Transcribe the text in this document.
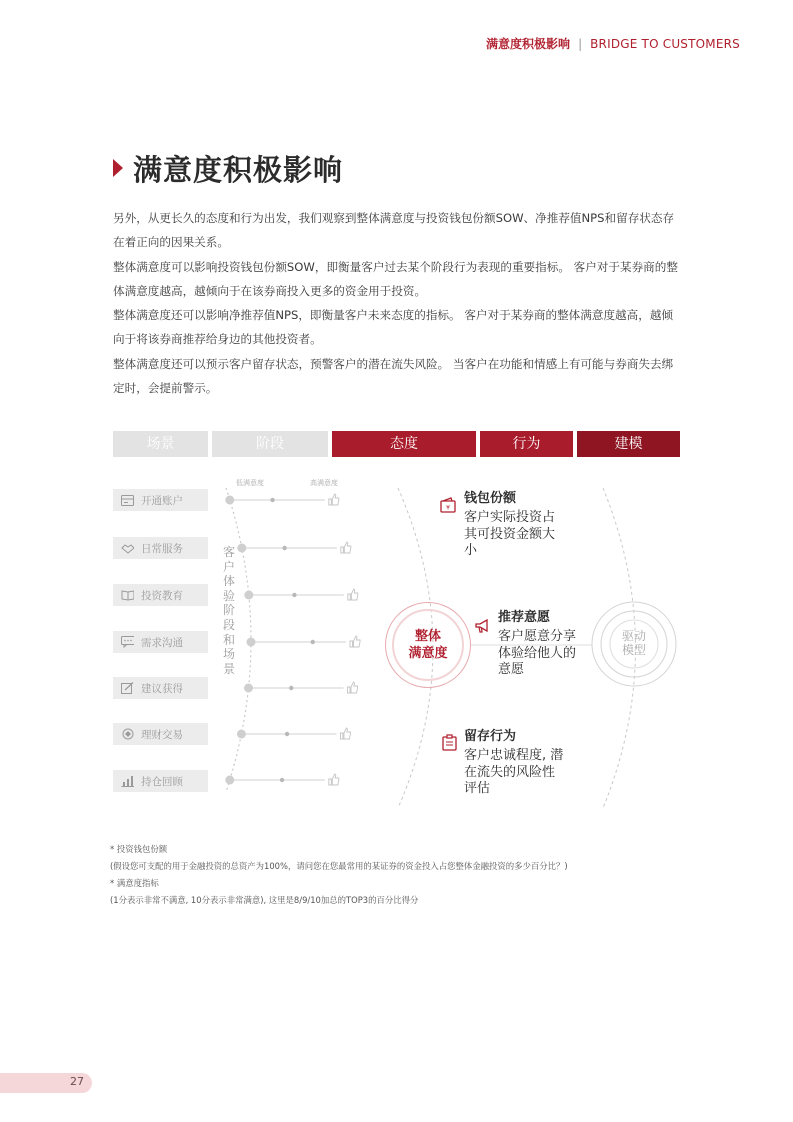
满意度积极影响 | BRIDGE TO CUSTOMERS
满意度积极影响

另外，从更长久的态度和行为出发，我们观察到整体满意度与投资钱包份额SOW、净推荐值NPS和留存状态存在着正向的因果关系。

整体满意度可以影响投资钱包份额SOW，即衡量客户过去某个阶段行为表现的重要指标。 客户对于某券商的整体满意度越高，越倾向于在该券商投入更多的资金用于投资。

整体满意度还可以影响净推荐值NPS，即衡量客户未来态度的指标。 客户对于某券商的整体满意度越高，越倾向于将该券商推荐给身边的其他投资者。

整体满意度还可以预示客户留存状态，预警客户的潜在流失风险。 当客户在功能和情感上有可能与券商失去绑定时，会提前警示。

场景	阶段	态度	行为	建模
低满意度	高满意度
开通账户
日常服务
投资教育
需求沟通
建议获得
理财交易
持仓回顾
客户体验阶段和场景
整体
满意度
¥
钱包份额
客户实际投资占
其可投资金额大
小
推荐意愿
客户愿意分享
体验给他人的
意愿
留存行为
客户忠诚程度, 潜
在流失的风险性
评估
驱动
模型
* 投资钱包份额
(假设您可支配的用于金融投资的总资产为100%，请问您在您最常用的某证券的资金投入占您整体金融投资的多少百分比？)
* 满意度指标
(1分表示非常不满意, 10分表示非常满意), 这里是8/9/10加总的TOP3的百分比得分
27
